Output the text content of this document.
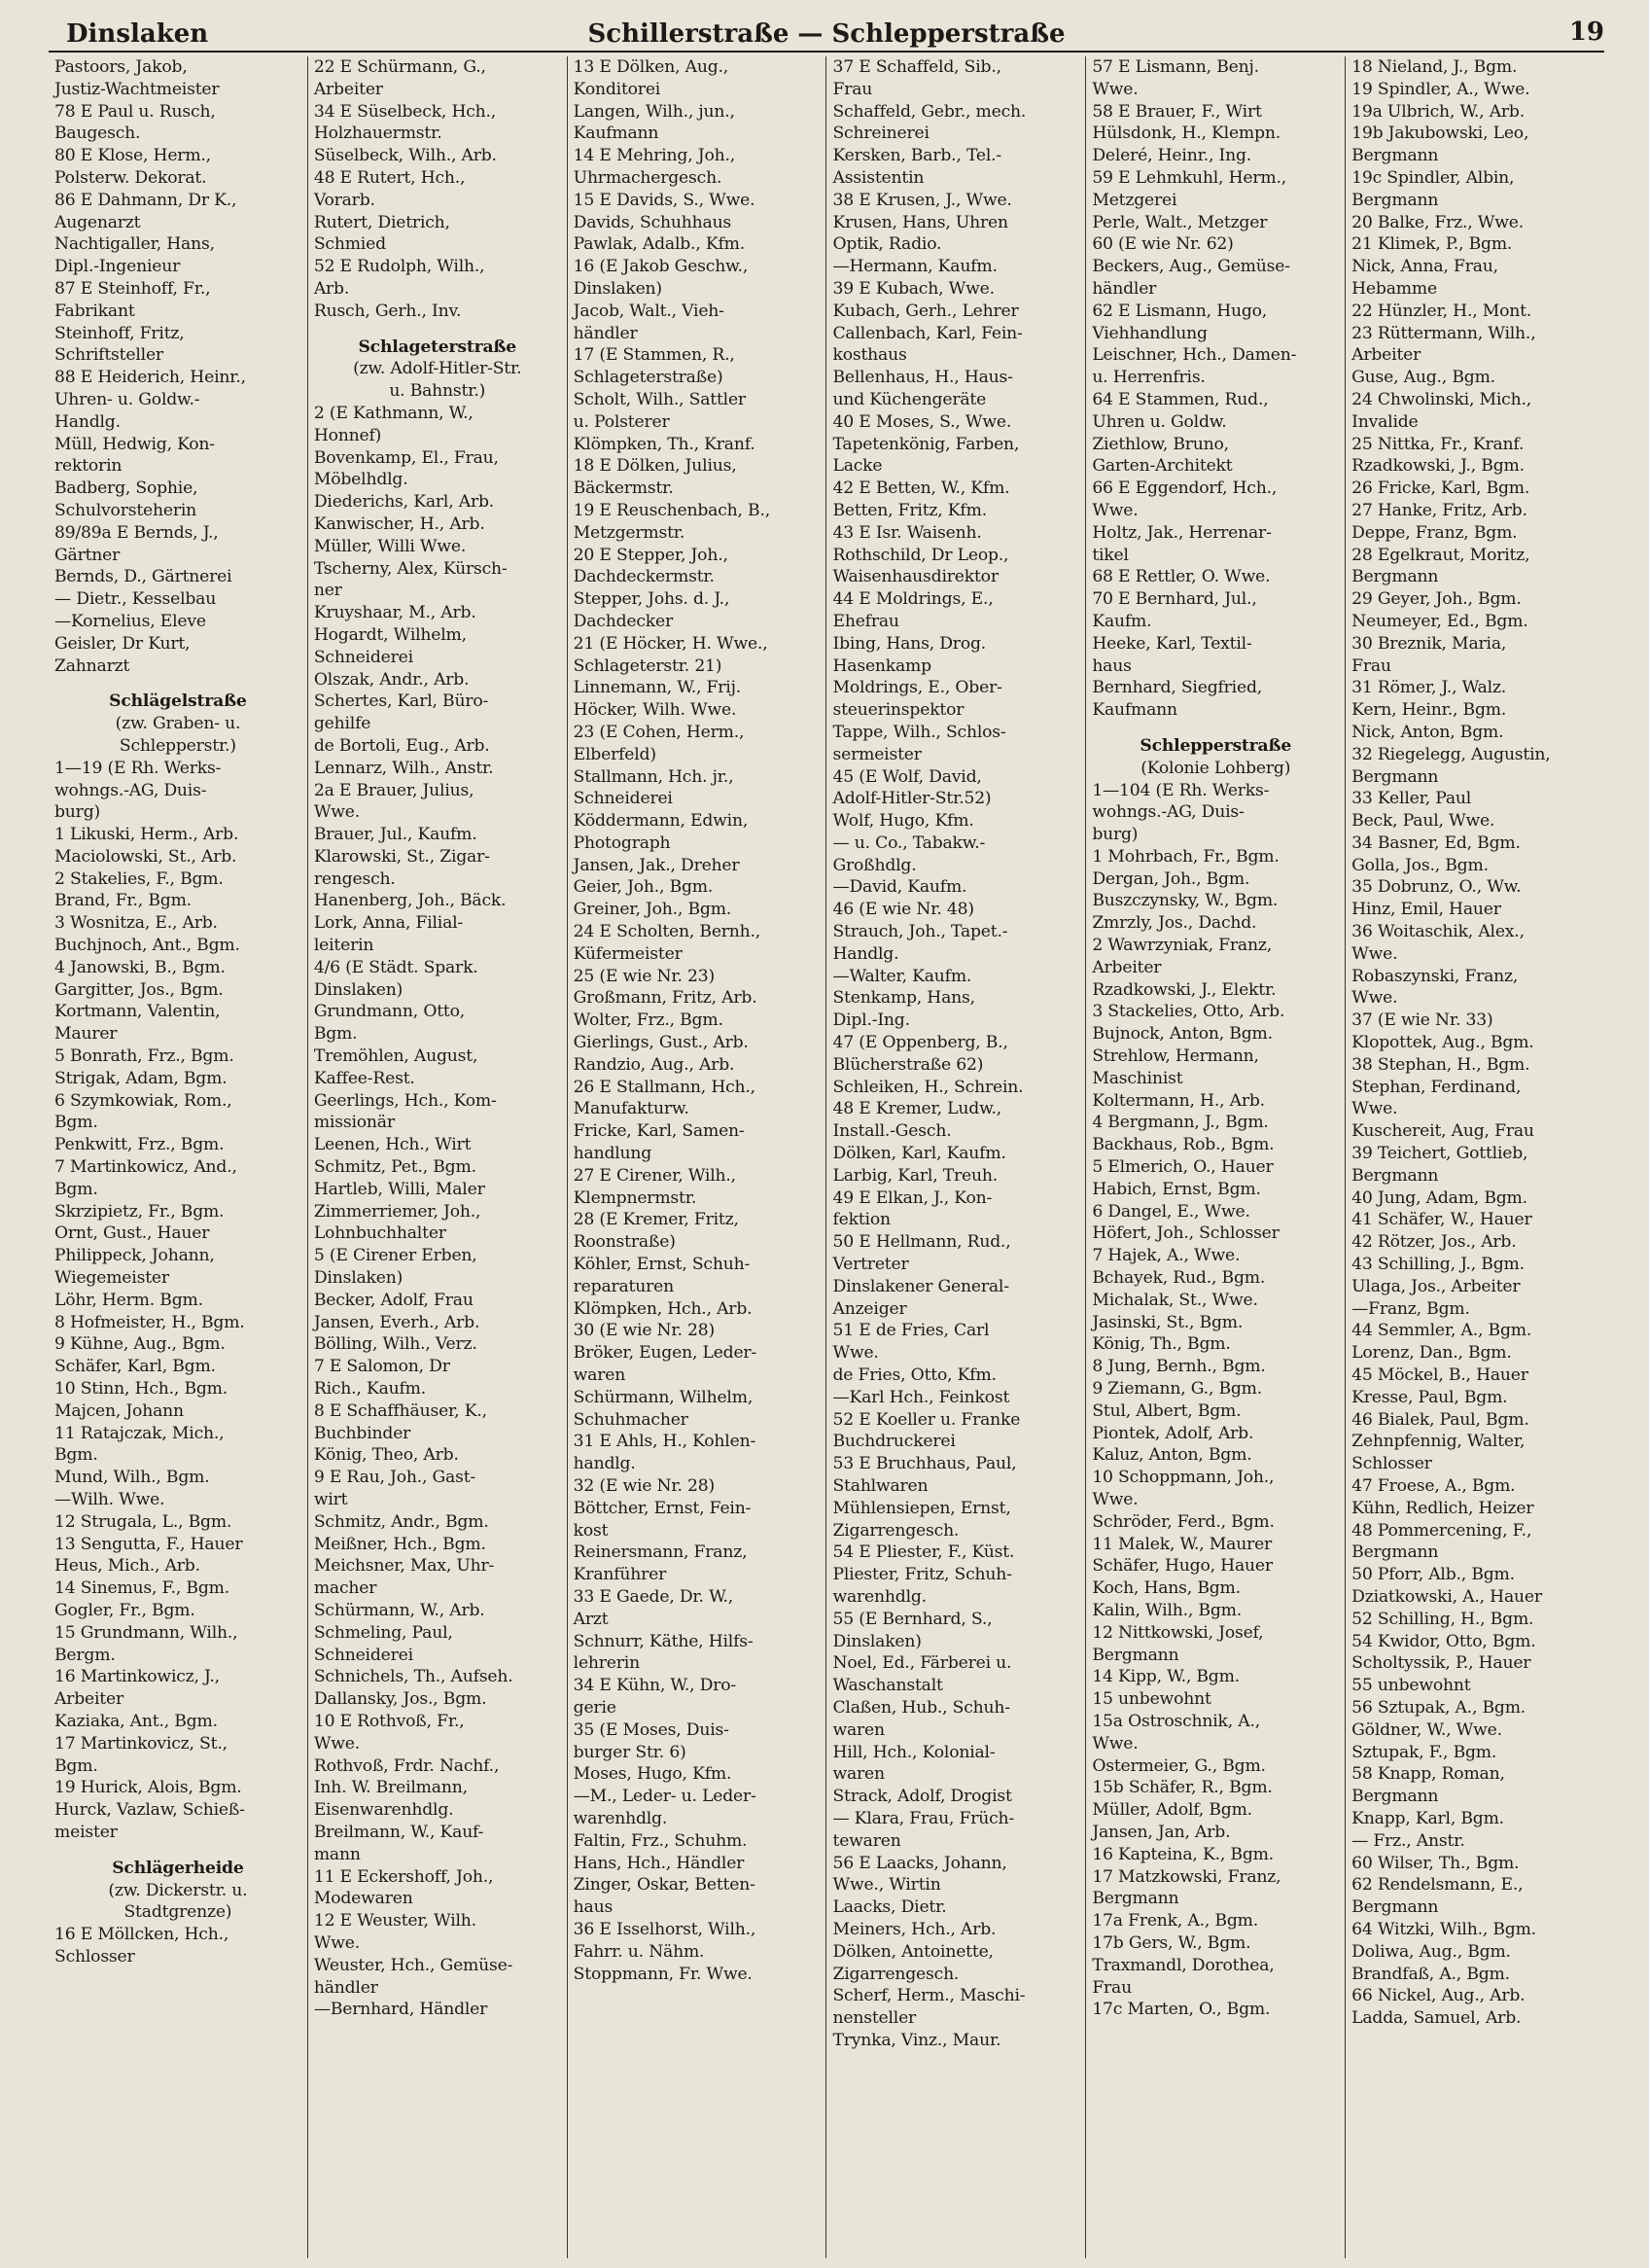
Dinslaken	Schillerstraße — Schlepperstraße	19
Pastoors, Jakob,
Justiz-Wachtmeister
78 E Paul u. Rusch,
Baugesch.
80 E Klose, Herm.,
Polsterw. Dekorat.
86 E Dahmann, Dr K.,
Augenarzt
Nachtigaller, Hans,
Dipl.-Ingenieur
87 E Steinhoff, Fr.,
Fabrikant
Steinhoff, Fritz,
Schriftsteller
88 E Heiderich, Heinr.,
Uhren- u. Goldw.-
Handlg.
Müll, Hedwig, Kon-
rektorin
Badberg, Sophie,
Schulvorsteherin
89/89a E Bernds, J.,
Gärtner
Bernds, D., Gärtnerei
— Dietr., Kesselbau
—Kornelius, Eleve
Geisler, Dr Kurt,
Zahnarzt
Schlägelstraße
(zw. Graben- u.
Schlepperstr.)
1—19 (E Rh. Werks-
wohngs.-AG, Duis-
burg)
1 Likuski, Herm., Arb.
Maciolowski, St., Arb.
2 Stakelies, F., Bgm.
Brand, Fr., Bgm.
3 Wosnitza, E., Arb.
Buchjnoch, Ant., Bgm.
4 Janowski, B., Bgm.
Gargitter, Jos., Bgm.
Kortmann, Valentin,
Maurer
5 Bonrath, Frz., Bgm.
Strigak, Adam, Bgm.
6 Szymkowiak, Rom.,
Bgm.
Penkwitt, Frz., Bgm.
7 Martinkowicz, And.,
Bgm.
Skrzipietz, Fr., Bgm.
Ornt, Gust., Hauer
Philippeck, Johann,
Wiegemeister
Löhr, Herm. Bgm.
8 Hofmeister, H., Bgm.
9 Kühne, Aug., Bgm.
Schäfer, Karl, Bgm.
10 Stinn, Hch., Bgm.
Majcen, Johann
11 Ratajczak, Mich.,
Bgm.
Mund, Wilh., Bgm.
—Wilh. Wwe.
12 Strugala, L., Bgm.
13 Sengutta, F., Hauer
Heus, Mich., Arb.
14 Sinemus, F., Bgm.
Gogler, Fr., Bgm.
15 Grundmann, Wilh.,
Bergm.
16 Martinkowicz, J.,
Arbeiter
Kaziaka, Ant., Bgm.
17 Martinkovicz, St.,
Bgm.
19 Hurick, Alois, Bgm.
Hurck, Vazlaw, Schieß-
meister
Schlägerheide
(zw. Dickerstr. u.
Stadtgrenze)
16 E Möllcken, Hch.,
Schlosser
22 E Schürmann, G.,
Arbeiter
34 E Süselbeck, Hch.,
Holzhauermstr.
Süselbeck, Wilh., Arb.
48 E Rutert, Hch.,
Vorarb.
Rutert, Dietrich,
Schmied
52 E Rudolph, Wilh.,
Arb.
Rusch, Gerh., Inv.
Schlageterstraße
(zw. Adolf-Hitler-Str.
u. Bahnstr.)
2 (E Kathmann, W.,
Honnef)
Bovenkamp, El., Frau,
Möbelhdlg.
Diederichs, Karl, Arb.
Kanwischer, H., Arb.
Müller, Willi Wwe.
Tscherny, Alex, Kürsch-
ner
Kruyshaar, M., Arb.
Hogardt, Wilhelm,
Schneiderei
Olszak, Andr., Arb.
Schertes, Karl, Büro-
gehilfe
de Bortoli, Eug., Arb.
Lennarz, Wilh., Anstr.
2a E Brauer, Julius,
Wwe.
Brauer, Jul., Kaufm.
Klarowski, St., Zigar-
rengesch.
Hanenberg, Joh., Bäck.
Lork, Anna, Filial-
leiterin
4/6 (E Städt. Spark.
Dinslaken)
Grundmann, Otto,
Bgm.
Tremöhlen, August,
Kaffee-Rest.
Geerlings, Hch., Kom-
missionär
Leenen, Hch., Wirt
Schmitz, Pet., Bgm.
Hartleb, Willi, Maler
Zimmerriemer, Joh.,
Lohnbuchhalter
5 (E Cirener Erben,
Dinslaken)
Becker, Adolf, Frau
Jansen, Everh., Arb.
Bölling, Wilh., Verz.
7 E Salomon, Dr
Rich., Kaufm.
8 E Schaffhäuser, K.,
Buchbinder
König, Theo, Arb.
9 E Rau, Joh., Gast-
wirt
Schmitz, Andr., Bgm.
Meißner, Hch., Bgm.
Meichsner, Max, Uhr-
macher
Schürmann, W., Arb.
Schmeling, Paul,
Schneiderei
Schnichels, Th., Aufseh.
Dallansky, Jos., Bgm.
10 E Rothvoß, Fr.,
Wwe.
Rothvoß, Frdr. Nachf.,
Inh. W. Breilmann,
Eisenwarenhdlg.
Breilmann, W., Kauf-
mann
11 E Eckershoff, Joh.,
Modewaren
12 E Weuster, Wilh.
Wwe.
Weuster, Hch., Gemüse-
händler
—Bernhard, Händler
13 E Dölken, Aug.,
Konditorei
Langen, Wilh., jun.,
Kaufmann
14 E Mehring, Joh.,
Uhrmachergesch.
15 E Davids, S., Wwe.
Davids, Schuhhaus
Pawlak, Adalb., Kfm.
16 (E Jakob Geschw.,
Dinslaken)
Jacob, Walt., Vieh-
händler
17 (E Stammen, R.,
Schlageterstraße)
Scholt, Wilh., Sattler
u. Polsterer
Klömpken, Th., Kranf.
18 E Dölken, Julius,
Bäckermstr.
19 E Reuschenbach, B.,
Metzgermstr.
20 E Stepper, Joh.,
Dachdeckermstr.
Stepper, Johs. d. J.,
Dachdecker
21 (E Höcker, H. Wwe.,
Schlageterstr. 21)
Linnemann, W., Frij.
Höcker, Wilh. Wwe.
23 (E Cohen, Herm.,
Elberfeld)
Stallmann, Hch. jr.,
Schneiderei
Köddermann, Edwin,
Photograph
Jansen, Jak., Dreher
Geier, Joh., Bgm.
Greiner, Joh., Bgm.
24 E Scholten, Bernh.,
Küfermeister
25 (E wie Nr. 23)
Großmann, Fritz, Arb.
Wolter, Frz., Bgm.
Gierlings, Gust., Arb.
Randzio, Aug., Arb.
26 E Stallmann, Hch.,
Manufakturw.
Fricke, Karl, Samen-
handlung
27 E Cirener, Wilh.,
Klempnermstr.
28 (E Kremer, Fritz,
Roonstraße)
Köhler, Ernst, Schuh-
reparaturen
Klömpken, Hch., Arb.
30 (E wie Nr. 28)
Bröker, Eugen, Leder-
waren
Schürmann, Wilhelm,
Schuhmacher
31 E Ahls, H., Kohlen-
handlg.
32 (E wie Nr. 28)
Böttcher, Ernst, Fein-
kost
Reinersmann, Franz,
Kranführer
33 E Gaede, Dr. W.,
Arzt
Schnurr, Käthe, Hilfs-
lehrerin
34 E Kühn, W., Dro-
gerie
35 (E Moses, Duis-
burger Str. 6)
Moses, Hugo, Kfm.
—M., Leder- u. Leder-
warenhdlg.
Faltin, Frz., Schuhm.
Hans, Hch., Händler
Zinger, Oskar, Betten-
haus
36 E Isselhorst, Wilh.,
Fahrr. u. Nähm.
Stoppmann, Fr. Wwe.
37 E Schaffeld, Sib.,
Frau
Schaffeld, Gebr., mech.
Schreinerei
Kersken, Barb., Tel.-
Assistentin
38 E Krusen, J., Wwe.
Krusen, Hans, Uhren
Optik, Radio.
—Hermann, Kaufm.
39 E Kubach, Wwe.
Kubach, Gerh., Lehrer
Callenbach, Karl, Fein-
kosthaus
Bellenhaus, H., Haus-
und Küchengeräte
40 E Moses, S., Wwe.
Tapetenkönig, Farben,
Lacke
42 E Betten, W., Kfm.
Betten, Fritz, Kfm.
43 E Isr. Waisenh.
Rothschild, Dr Leop.,
Waisenhausdirektor
44 E Moldrings, E.,
Ehefrau
Ibing, Hans, Drog.
Hasenkamp
Moldrings, E., Ober-
steuerinspektor
Tappe, Wilh., Schlos-
sermeister
45 (E Wolf, David,
Adolf-Hitler-Str.52)
Wolf, Hugo, Kfm.
— u. Co., Tabakw.-
Großhdlg.
—David, Kaufm.
46 (E wie Nr. 48)
Strauch, Joh., Tapet.-
Handlg.
—Walter, Kaufm.
Stenkamp, Hans,
Dipl.-Ing.
47 (E Oppenberg, B.,
Blücherstraße 62)
Schleiken, H., Schrein.
48 E Kremer, Ludw.,
Install.-Gesch.
Dölken, Karl, Kaufm.
Larbig, Karl, Treuh.
49 E Elkan, J., Kon-
fektion
50 E Hellmann, Rud.,
Vertreter
Dinslakener General-
Anzeiger
51 E de Fries, Carl
Wwe.
de Fries, Otto, Kfm.
—Karl Hch., Feinkost
52 E Koeller u. Franke
Buchdruckerei
53 E Bruchhaus, Paul,
Stahlwaren
Mühlensiepen, Ernst,
Zigarrengesch.
54 E Pliester, F., Küst.
Pliester, Fritz, Schuh-
warenhdlg.
55 (E Bernhard, S.,
Dinslaken)
Noel, Ed., Färberei u.
Waschanstalt
Claßen, Hub., Schuh-
waren
Hill, Hch., Kolonial-
waren
Strack, Adolf, Drogist
— Klara, Frau, Früch-
tewaren
56 E Laacks, Johann,
Wwe., Wirtin
Laacks, Dietr.
Meiners, Hch., Arb.
Dölken, Antoinette,
Zigarrengesch.
Scherf, Herm., Maschi-
nensteller
Trynka, Vinz., Maur.
57 E Lismann, Benj.
Wwe.
58 E Brauer, F., Wirt
Hülsdonk, H., Klempn.
Deleré, Heinr., Ing.
59 E Lehmkuhl, Herm.,
Metzgerei
Perle, Walt., Metzger
60 (E wie Nr. 62)
Beckers, Aug., Gemüse-
händler
62 E Lismann, Hugo,
Viehhandlung
Leischner, Hch., Damen-
u. Herrenfris.
64 E Stammen, Rud.,
Uhren u. Goldw.
Ziethlow, Bruno,
Garten-Architekt
66 E Eggendorf, Hch.,
Wwe.
Holtz, Jak., Herrenar-
tikel
68 E Rettler, O. Wwe.
70 E Bernhard, Jul.,
Kaufm.
Heeke, Karl, Textil-
haus
Bernhard, Siegfried,
Kaufmann
Schlepperstraße
(Kolonie Lohberg)
1—104 (E Rh. Werks-
wohngs.-AG, Duis-
burg)
1 Mohrbach, Fr., Bgm.
Dergan, Joh., Bgm.
Buszczynsky, W., Bgm.
Zmrzly, Jos., Dachd.
2 Wawrzyniak, Franz,
Arbeiter
Rzadkowski, J., Elektr.
3 Stackelies, Otto, Arb.
Bujnock, Anton, Bgm.
Strehlow, Hermann,
Maschinist
Koltermann, H., Arb.
4 Bergmann, J., Bgm.
Backhaus, Rob., Bgm.
5 Elmerich, O., Hauer
Habich, Ernst, Bgm.
6 Dangel, E., Wwe.
Höfert, Joh., Schlosser
7 Hajek, A., Wwe.
Bchayek, Rud., Bgm.
Michalak, St., Wwe.
Jasinski, St., Bgm.
König, Th., Bgm.
8 Jung, Bernh., Bgm.
9 Ziemann, G., Bgm.
Stul, Albert, Bgm.
Piontek, Adolf, Arb.
Kaluz, Anton, Bgm.
10 Schoppmann, Joh.,
Wwe.
Schröder, Ferd., Bgm.
11 Malek, W., Maurer
Schäfer, Hugo, Hauer
Koch, Hans, Bgm.
Kalin, Wilh., Bgm.
12 Nittkowski, Josef,
Bergmann
14 Kipp, W., Bgm.
15 unbewohnt
15a Ostroschnik, A.,
Wwe.
Ostermeier, G., Bgm.
15b Schäfer, R., Bgm.
Müller, Adolf, Bgm.
Jansen, Jan, Arb.
16 Kapteina, K., Bgm.
17 Matzkowski, Franz,
Bergmann
17a Frenk, A., Bgm.
17b Gers, W., Bgm.
Traxmandl, Dorothea,
Frau
17c Marten, O., Bgm.
18 Nieland, J., Bgm.
19 Spindler, A., Wwe.
19a Ulbrich, W., Arb.
19b Jakubowski, Leo,
Bergmann
19c Spindler, Albin,
Bergmann
20 Balke, Frz., Wwe.
21 Klimek, P., Bgm.
Nick, Anna, Frau,
Hebamme
22 Hünzler, H., Mont.
23 Rüttermann, Wilh.,
Arbeiter
Guse, Aug., Bgm.
24 Chwolinski, Mich.,
Invalide
25 Nittka, Fr., Kranf.
Rzadkowski, J., Bgm.
26 Fricke, Karl, Bgm.
27 Hanke, Fritz, Arb.
Deppe, Franz, Bgm.
28 Egelkraut, Moritz,
Bergmann
29 Geyer, Joh., Bgm.
Neumeyer, Ed., Bgm.
30 Breznik, Maria,
Frau
31 Römer, J., Walz.
Kern, Heinr., Bgm.
Nick, Anton, Bgm.
32 Riegelegg, Augustin,
Bergmann
33 Keller, Paul
Beck, Paul, Wwe.
34 Basner, Ed, Bgm.
Golla, Jos., Bgm.
35 Dobrunz, O., Ww.
Hinz, Emil, Hauer
36 Woitaschik, Alex.,
Wwe.
Robaszynski, Franz,
Wwe.
37 (E wie Nr. 33)
Klopottek, Aug., Bgm.
38 Stephan, H., Bgm.
Stephan, Ferdinand,
Wwe.
Kuschereit, Aug, Frau
39 Teichert, Gottlieb,
Bergmann
40 Jung, Adam, Bgm.
41 Schäfer, W., Hauer
42 Rötzer, Jos., Arb.
43 Schilling, J., Bgm.
Ulaga, Jos., Arbeiter
—Franz, Bgm.
44 Semmler, A., Bgm.
Lorenz, Dan., Bgm.
45 Möckel, B., Hauer
Kresse, Paul, Bgm.
46 Bialek, Paul, Bgm.
Zehnpfennig, Walter,
Schlosser
47 Froese, A., Bgm.
Kühn, Redlich, Heizer
48 Pommercening, F.,
Bergmann
50 Pforr, Alb., Bgm.
Dziatkowski, A., Hauer
52 Schilling, H., Bgm.
54 Kwidor, Otto, Bgm.
Scholtyssik, P., Hauer
55 unbewohnt
56 Sztupak, A., Bgm.
Göldner, W., Wwe.
Sztupak, F., Bgm.
58 Knapp, Roman,
Bergmann
Knapp, Karl, Bgm.
— Frz., Anstr.
60 Wilser, Th., Bgm.
62 Rendelsmann, E.,
Bergmann
64 Witzki, Wilh., Bgm.
Doliwa, Aug., Bgm.
Brandfaß, A., Bgm.
66 Nickel, Aug., Arb.
Ladda, Samuel, Arb.
